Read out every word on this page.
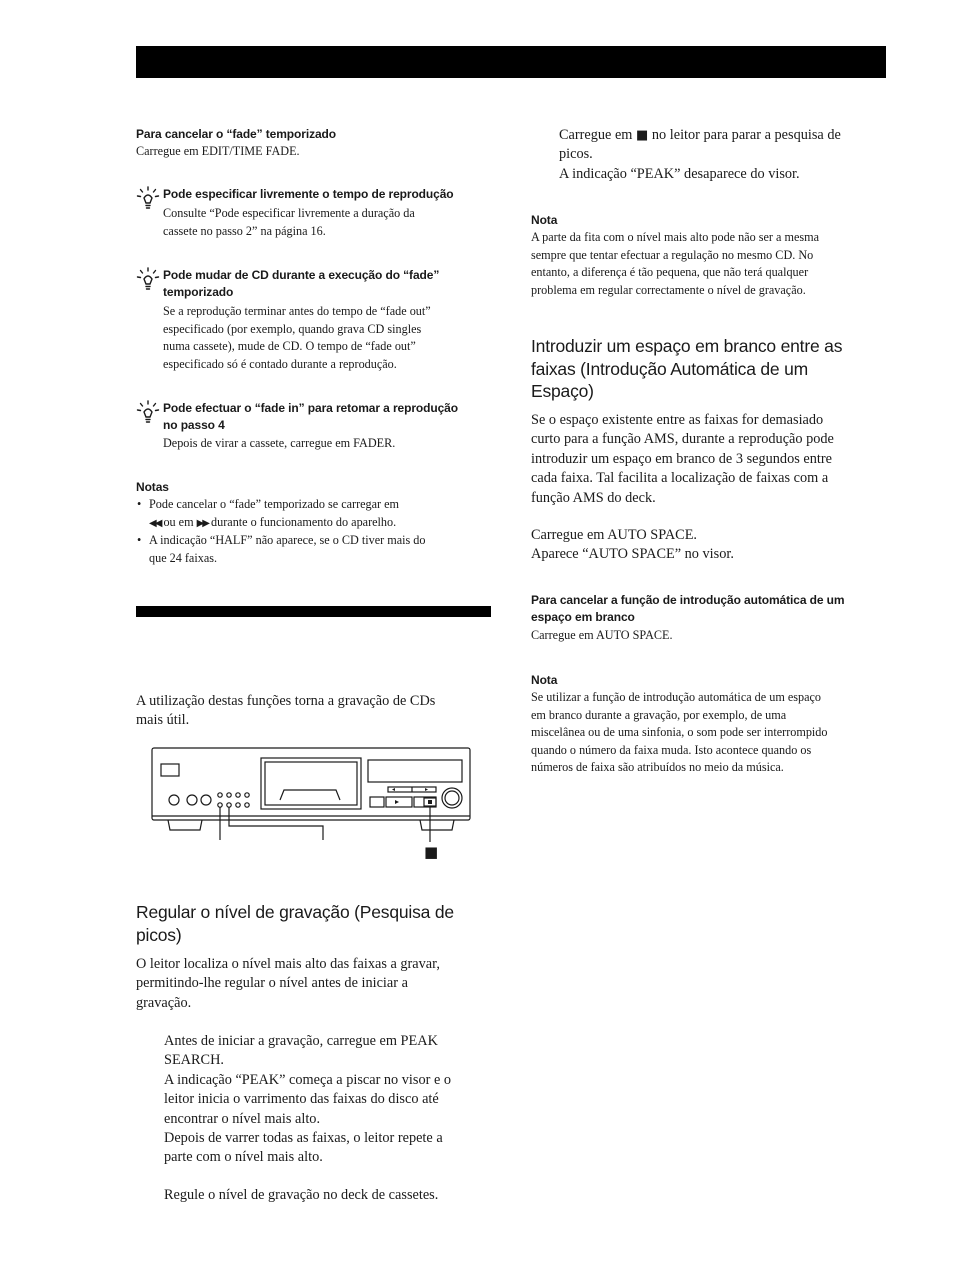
Para cancelar o “fade” temporizado
Carregue em EDIT/TIME FADE.
Pode especificar livremente o tempo de reprodução
Consulte “Pode especificar livremente a duração da
cassete no passo 2” na página 16.
Pode mudar de CD durante a execução do “fade”
temporizado
Se a reprodução terminar antes do tempo de “fade out”
especificado (por exemplo, quando grava CD singles
numa cassete), mude de CD. O tempo de “fade out”
especificado só é contado durante a reprodução.
Pode efectuar o “fade in” para retomar a reprodução
no passo 4
Depois de virar a cassete, carregue em FADER.
Notas
• Pode cancelar o “fade” temporizado se carregar em
◀◀ ou em ▶▶ durante o funcionamento do aparelho.
• A indicação “HALF” não aparece, se o CD tiver mais do
que 24 faixas.
A utilização destas funções torna a gravação de CDs
mais útil.
■
Regular o nível de gravação (Pesquisa de
picos)
O leitor localiza o nível mais alto das faixas a gravar,
permitindo-lhe regular o nível antes de iniciar a
gravação.
Antes de iniciar a gravação, carregue em PEAK
SEARCH.
A indicação “PEAK” começa a piscar no visor e o
leitor inicia o varrimento das faixas do disco até
encontrar o nível mais alto.
Depois de varrer todas as faixas, o leitor repete a
parte com o nível mais alto.
Regule o nível de gravação no deck de cassetes.
Carregue em ■ no leitor para parar a pesquisa de
picos.
A indicação “PEAK” desaparece do visor.
Nota
A parte da fita com o nível mais alto pode não ser a mesma
sempre que tentar efectuar a regulação no mesmo CD. No
entanto, a diferença é tão pequena, que não terá qualquer
problema em regular correctamente o nível de gravação.
Introduzir um espaço em branco entre as
faixas (Introdução Automática de um
Espaço)
Se o espaço existente entre as faixas for demasiado
curto para a função AMS, durante a reprodução pode
introduzir um espaço em branco de 3 segundos entre
cada faixa. Tal facilita a localização de faixas com a
função AMS do deck.
Carregue em AUTO SPACE.
Aparece “AUTO SPACE” no visor.
Para cancelar a função de introdução automática de um
espaço em branco
Carregue em AUTO SPACE.
Nota
Se utilizar a função de introdução automática de um espaço
em branco durante a gravação, por exemplo, de uma
miscelânea ou de uma sinfonia, o som pode ser interrompido
quando o número da faixa muda. Isto acontece quando os
números de faixa são atribuídos no meio da música.
